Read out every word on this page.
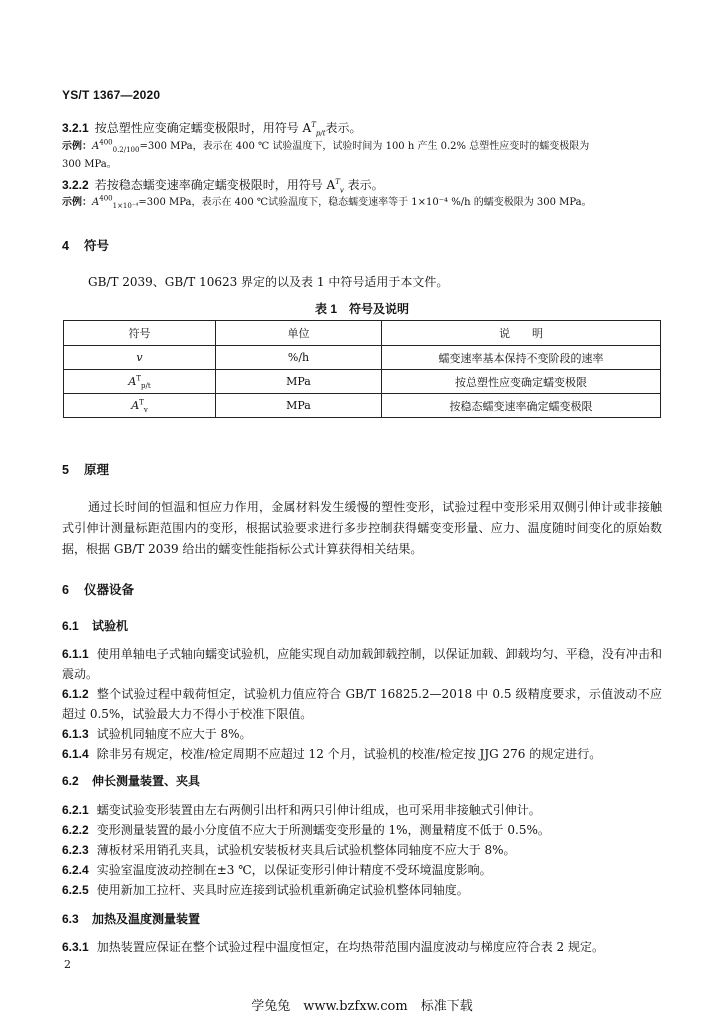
YS/T 1367—2020
3.2.1 按总塑性应变确定蠕变极限时，用符号 $A^T_{p/t}$表示。
示例：$A^{400}_{0.2/100}=300$ MPa，表示在 400 ℃ 试验温度下，试验时间为 100 h 产生 0.2% 总塑性应变时的蠕变极限为
300 MPa。
3.2.2 若按稳态蠕变速率确定蠕变极限时，用符号 $A^T_v$ 表示。
示例：$A^{400}_{1\times 10^{-4}}=300$ MPa，表示在 400 ℃试验温度下，稳态蠕变速率等于 1×10⁻⁴ %/h 的蠕变极限为 300 MPa。
4 符号
GB/T 2039、GB/T 10623 界定的以及表 1 中符号适用于本文件。
表 1　符号及说明
符号	单位	说　　明
v	%/h	蠕变速率基本保持不变阶段的速率
$A^T_{p/t}$	MPa	按总塑性应变确定蠕变极限
$A^T_v$	MPa	按稳态蠕变速率确定蠕变极限
5 原理
通过长时间的恒温和恒应力作用，金属材料发生缓慢的塑性变形，试验过程中变形采用双侧引伸计或非接触式引伸计测量标距范围内的变形，根据试验要求进行多步控制获得蠕变变形量、应力、温度随时间变化的原始数据，根据 GB/T 2039 给出的蠕变性能指标公式计算获得相关结果。
6 仪器设备
6.1 试验机
6.1.1 使用单轴电子式轴向蠕变试验机，应能实现自动加载卸载控制，以保证加载、卸载均匀、平稳，没有冲击和震动。
6.1.2 整个试验过程中载荷恒定，试验机力值应符合 GB/T 16825.2—2018 中 0.5 级精度要求，示值波动不应超过 0.5%，试验最大力不得小于校准下限值。
6.1.3 试验机同轴度不应大于 8%。
6.1.4 除非另有规定，校准/检定周期不应超过 12 个月，试验机的校准/检定按 JJG 276 的规定进行。
6.2 伸长测量装置、夹具
6.2.1 蠕变试验变形装置由左右两侧引出杆和两只引伸计组成，也可采用非接触式引伸计。
6.2.2 变形测量装置的最小分度值不应大于所测蠕变变形量的 1%，测量精度不低于 0.5%。
6.2.3 薄板材采用销孔夹具，试验机安装板材夹具后试验机整体同轴度不应大于 8%。
6.2.4 实验室温度波动控制在±3 ℃，以保证变形引伸计精度不受环境温度影响。
6.2.5 使用新加工拉杆、夹具时应连接到试验机重新确定试验机整体同轴度。
6.3 加热及温度测量装置
6.3.1 加热装置应保证在整个试验过程中温度恒定，在均热带范围内温度波动与梯度应符合表 2 规定。
2
学兔兔　www.bzfxw.com　标准下载
